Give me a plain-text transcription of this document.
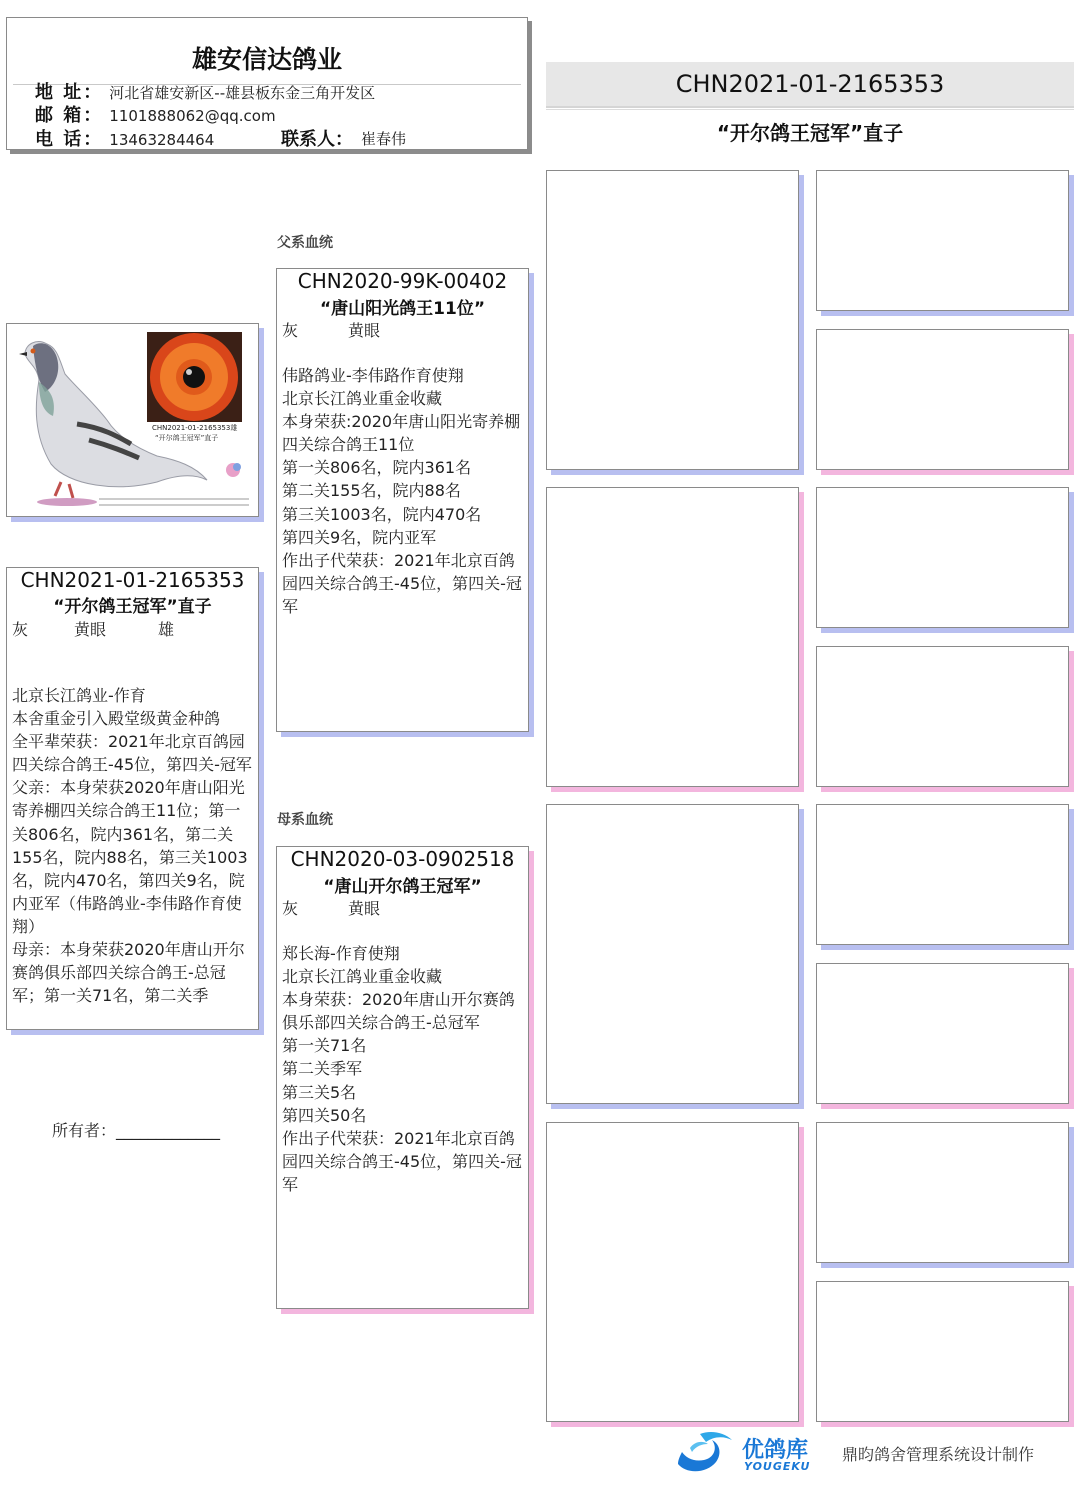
雄安信达鸽业
地 址： 河北省雄安新区--雄县板东金三角开发区
邮 箱： 1101888062@qq.com
电 话： 13463284464	联系人： 崔春伟
CHN2021-01-2165353
“开尔鸽王冠军”直子
CHN2021-01-2165353雄
“开尔鸽王冠军”直子
CHN2021-01-2165353
“开尔鸽王冠军”直子
灰	黄眼	雄

北京长江鸽业-作育

本舍重金引入殿堂级黄金种鸽

全平辈荣获：2021年北京百鸽园四关综合鸽王-45位，第四关-冠军

父亲：本身荣获2020年唐山阳光寄养棚四关综合鸽王11位；第一关806名，院内361名，第二关155名，院内88名，第三关1003名，院内470名，第四关9名，院内亚军（伟路鸽业-李伟路作育使翔）

母亲：本身荣获2020年唐山开尔赛鸽俱乐部四关综合鸽王-总冠军；第一关71名，第二关季

所有者：_____________
父系血统
CHN2020-99K-00402
“唐山阳光鸽王11位”
灰	黄眼

伟路鸽业-李伟路作育使翔

北京长江鸽业重金收藏

本身荣获:2020年唐山阳光寄养棚四关综合鸽王11位

第一关806名，院内361名

第二关155名，院内88名

第三关1003名，院内470名

第四关9名，院内亚军

作出子代荣获：2021年北京百鸽园四关综合鸽王-45位，第四关-冠军

母系血统
CHN2020-03-0902518
“唐山开尔鸽王冠军”
灰	黄眼

郑长海-作育使翔

北京长江鸽业重金收藏

本身荣获：2020年唐山开尔赛鸽俱乐部四关综合鸽王-总冠军

第一关71名

第二关季军

第三关5名

第四关50名

作出子代荣获：2021年北京百鸽园四关综合鸽王-45位，第四关-冠军

优鸽库
YOUGEKU
鼎昀鸽舍管理系统设计制作
